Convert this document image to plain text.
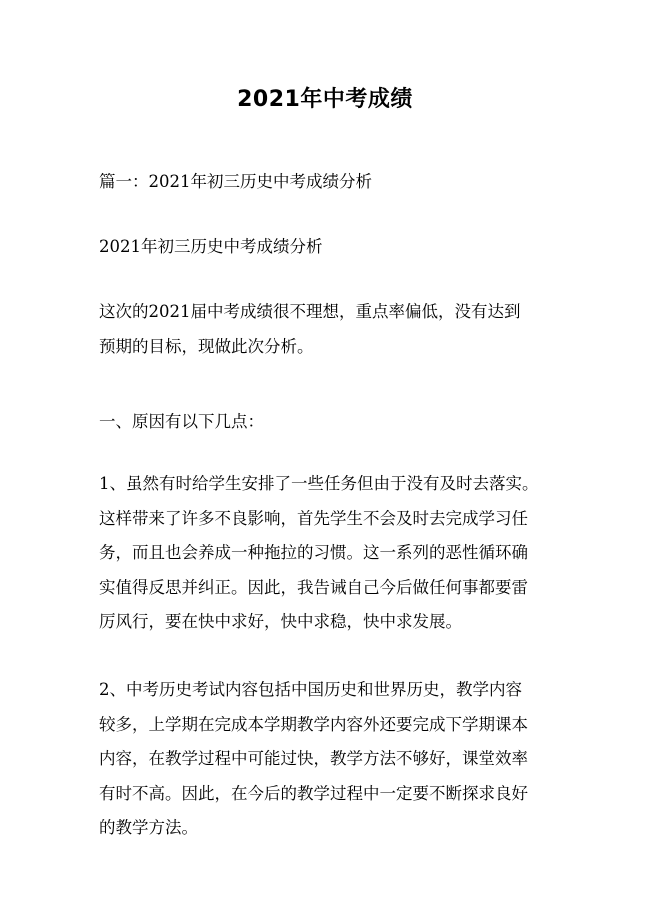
2021年中考成绩
篇一：2021年初三历史中考成绩分析
2021年初三历史中考成绩分析
这次的2021届中考成绩很不理想，重点率偏低，没有达到
预期的目标，现做此次分析。
一、原因有以下几点：
1、虽然有时给学生安排了一些任务但由于没有及时去落实。
这样带来了许多不良影响，首先学生不会及时去完成学习任
务，而且也会养成一种拖拉的习惯。这一系列的恶性循环确
实值得反思并纠正。因此，我告诫自己今后做任何事都要雷
厉风行，要在快中求好，快中求稳，快中求发展。
2、中考历史考试内容包括中国历史和世界历史，教学内容
较多，上学期在完成本学期教学内容外还要完成下学期课本
内容，在教学过程中可能过快，教学方法不够好，课堂效率
有时不高。因此，在今后的教学过程中一定要不断探求良好
的教学方法。
